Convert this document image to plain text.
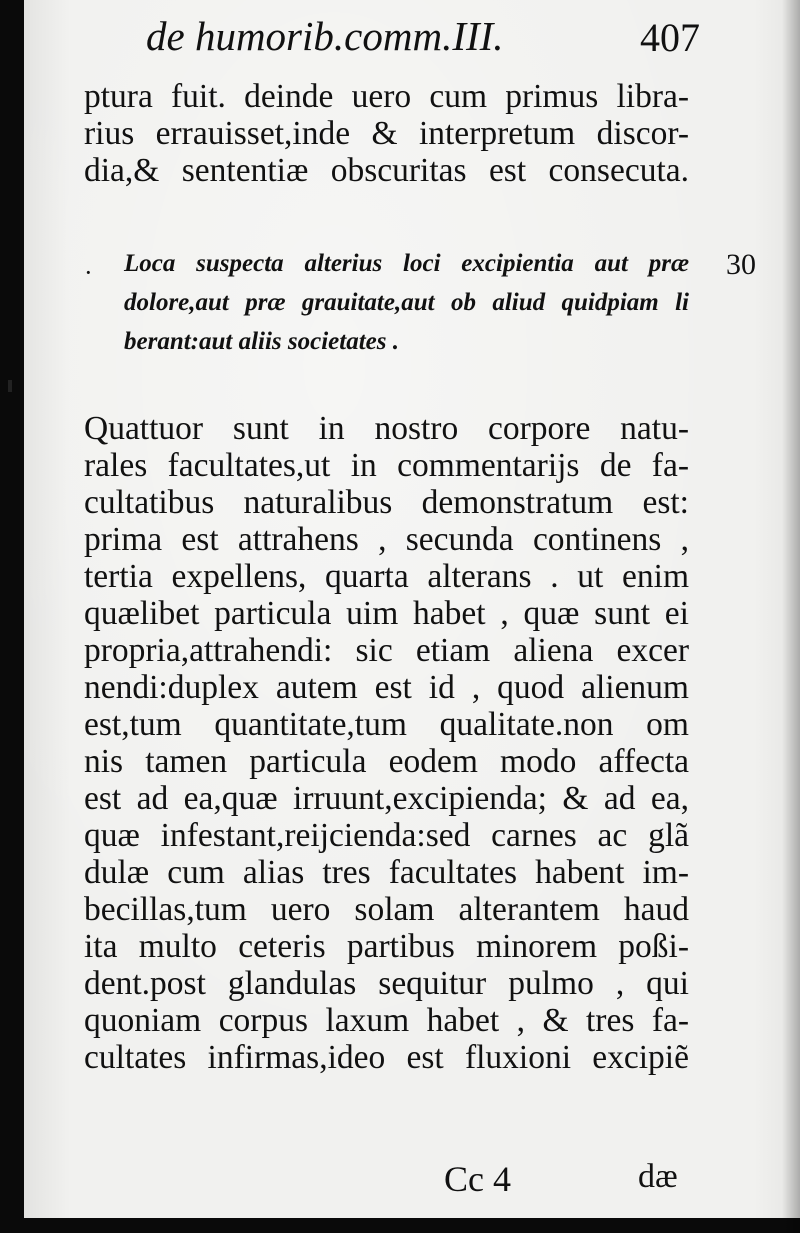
de humorib.comm.III.	407
ptura fuit. deinde uero cum primus libra-
rius errauisset,inde & interpretum discor-
dia,& sententiæ obscuritas est consecuta.
·	30
Loca suspecta alterius loci excipientia aut præ
dolore,aut præ grauitate,aut ob aliud quidpiam li
berant:aut aliis societates .
Quattuor sunt in nostro corpore natu-
rales facultates,ut in commentarijs de fa-
cultatibus naturalibus demonstratum est:
prima est attrahens , secunda continens ,
tertia expellens, quarta alterans . ut enim
quælibet particula uim habet , quæ sunt ei
propria,attrahendi: sic etiam aliena excer
nendi:duplex autem est id , quod alienum
est,tum quantitate,tum qualitate.non om
nis tamen particula eodem modo affecta
est ad ea,quæ irruunt,excipienda; & ad ea,
quæ infestant,reijcienda:sed carnes ac glã
dulæ cum alias tres facultates habent im-
becillas,tum uero solam alterantem haud
ita multo ceteris partibus minorem poßi-
dent.post glandulas sequitur pulmo , qui
quoniam corpus laxum habet , & tres fa-
cultates infirmas,ideo est fluxioni excipiẽ
Cc 4	dæ
